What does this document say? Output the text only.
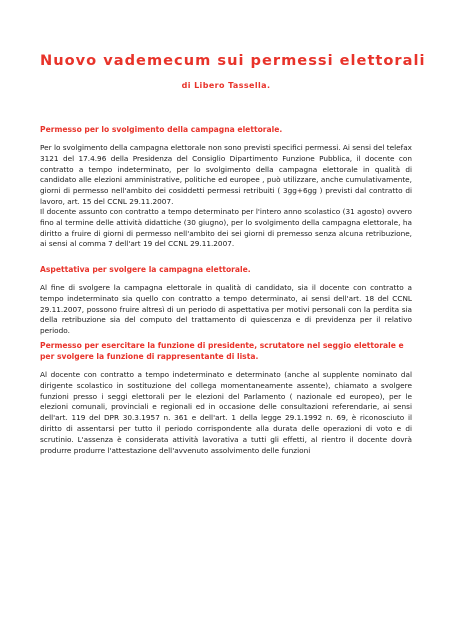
Nuovo vademecum sui permessi elettorali
di Libero Tassella.
Permesso per lo svolgimento della campagna elettorale.

Per lo svolgimento della campagna elettorale non sono previsti specifici permessi. Ai sensi del telefax 3121 del 17.4.96 della Presidenza del Consiglio Dipartimento Funzione Pubblica, il docente con contratto a tempo indeterminato, per lo svolgimento della campagna elettorale in qualità di candidato alle elezioni amministrative, politiche ed europee , può utilizzare, anche cumulativamente, giorni di permesso nell'ambito dei cosiddetti permessi retribuiti ( 3gg+6gg ) previsti dal contratto di lavoro, art. 15 del CCNL 29.11.2007.

Il docente assunto con contratto a tempo determinato per l'intero anno scolastico (31 agosto) ovvero fino al termine delle attività didattiche (30 giugno), per lo svolgimento della campagna elettorale, ha diritto a fruire di giorni di permesso nell'ambito dei sei giorni di premesso senza alcuna retribuzione, ai sensi al comma 7 dell'art 19 del CCNL 29.11.2007.

Aspettativa per svolgere la campagna elettorale.

Al fine di svolgere la campagna elettorale in qualità di candidato, sia il docente con contratto a tempo indeterminato sia quello con contratto a tempo determinato, ai sensi dell'art. 18 del CCNL 29.11.2007, possono fruire altresì di un periodo di aspettativa per motivi personali con la perdita sia della retribuzione sia del computo del trattamento di quiescenza e di previdenza per il relativo periodo.

Permesso per esercitare la funzione di presidente, scrutatore nel seggio elettorale e per svolgere la funzione di rappresentante di lista.

Al docente con contratto a tempo indeterminato e determinato (anche al supplente nominato dal dirigente scolastico in sostituzione del collega momentaneamente assente), chiamato a svolgere funzioni presso i seggi elettorali per le elezioni del Parlamento ( nazionale ed europeo), per le elezioni comunali, provinciali e regionali ed in occasione delle consultazioni referendarie, ai sensi dell'art. 119 del DPR 30.3.1957 n. 361 e dell'art. 1 della legge 29.1.1992 n. 69, è riconosciuto il diritto di assentarsi per tutto il periodo corrispondente alla durata delle operazioni di voto e di scrutinio. L'assenza è considerata attività lavorativa a tutti gli effetti, al rientro il docente dovrà produrre produrre l'attestazione dell'avvenuto assolvimento delle funzioni
